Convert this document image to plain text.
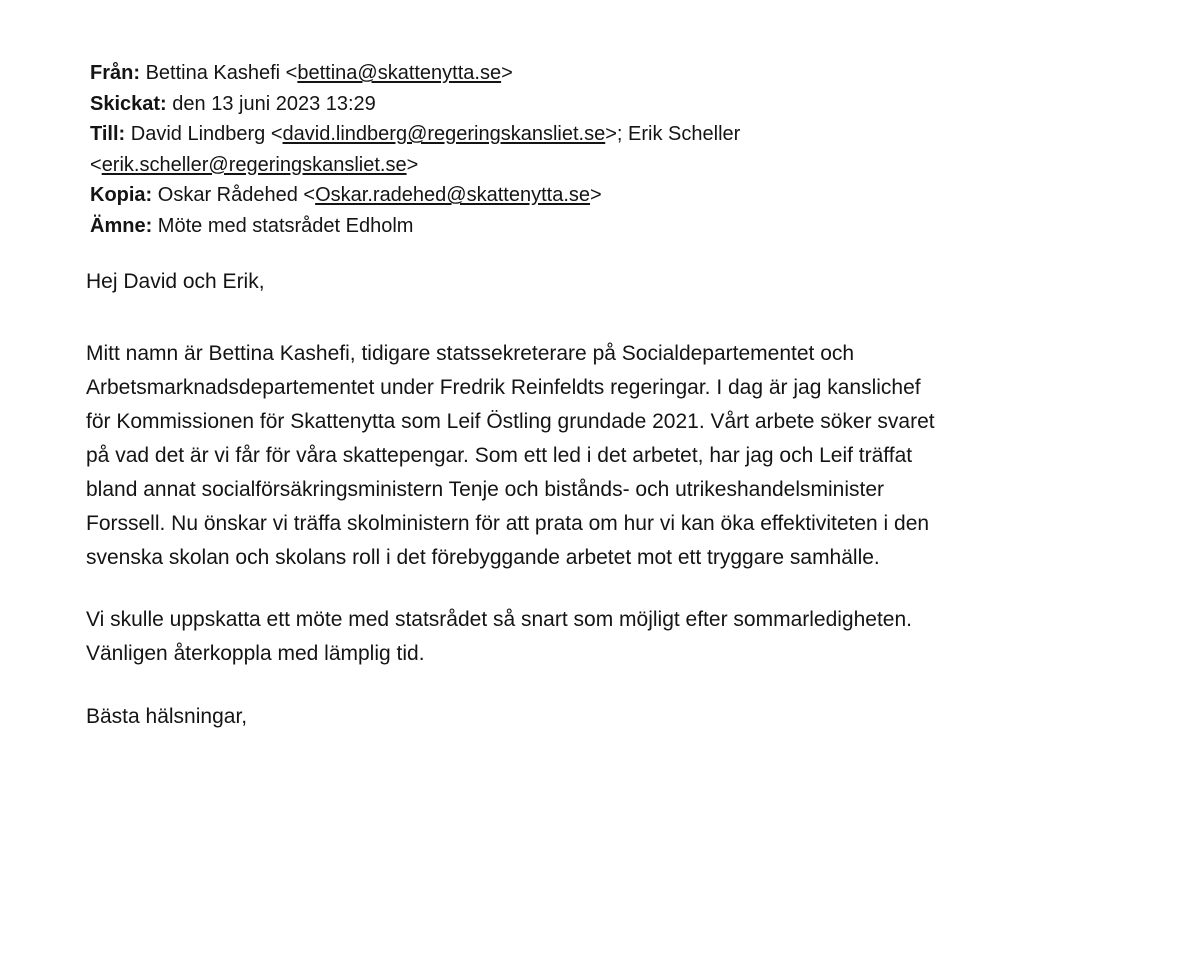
Från: Bettina Kashefi <bettina@skattenytta.se>
Skickat: den 13 juni 2023 13:29
Till: David Lindberg <david.lindberg@regeringskansliet.se>; Erik Scheller
<erik.scheller@regeringskansliet.se>
Kopia: Oskar Rådehed <Oskar.radehed@skattenytta.se>
Ämne: Möte med statsrådet Edholm

Hej David och Erik,

Mitt namn är Bettina Kashefi, tidigare statssekreterare på Socialdepartementet och
Arbetsmarknadsdepartementet under Fredrik Reinfeldts regeringar. I dag är jag kanslichef
för Kommissionen för Skattenytta som Leif Östling grundade 2021. Vårt arbete söker svaret
på vad det är vi får för våra skattepengar. Som ett led i det arbetet, har jag och Leif träffat
bland annat socialförsäkringsministern Tenje och bistånds- och utrikeshandelsminister
Forssell. Nu önskar vi träffa skolministern för att prata om hur vi kan öka effektiviteten i den
svenska skolan och skolans roll i det förebyggande arbetet mot ett tryggare samhälle.

Vi skulle uppskatta ett möte med statsrådet så snart som möjligt efter sommarledigheten.
Vänligen återkoppla med lämplig tid.

Bästa hälsningar,
